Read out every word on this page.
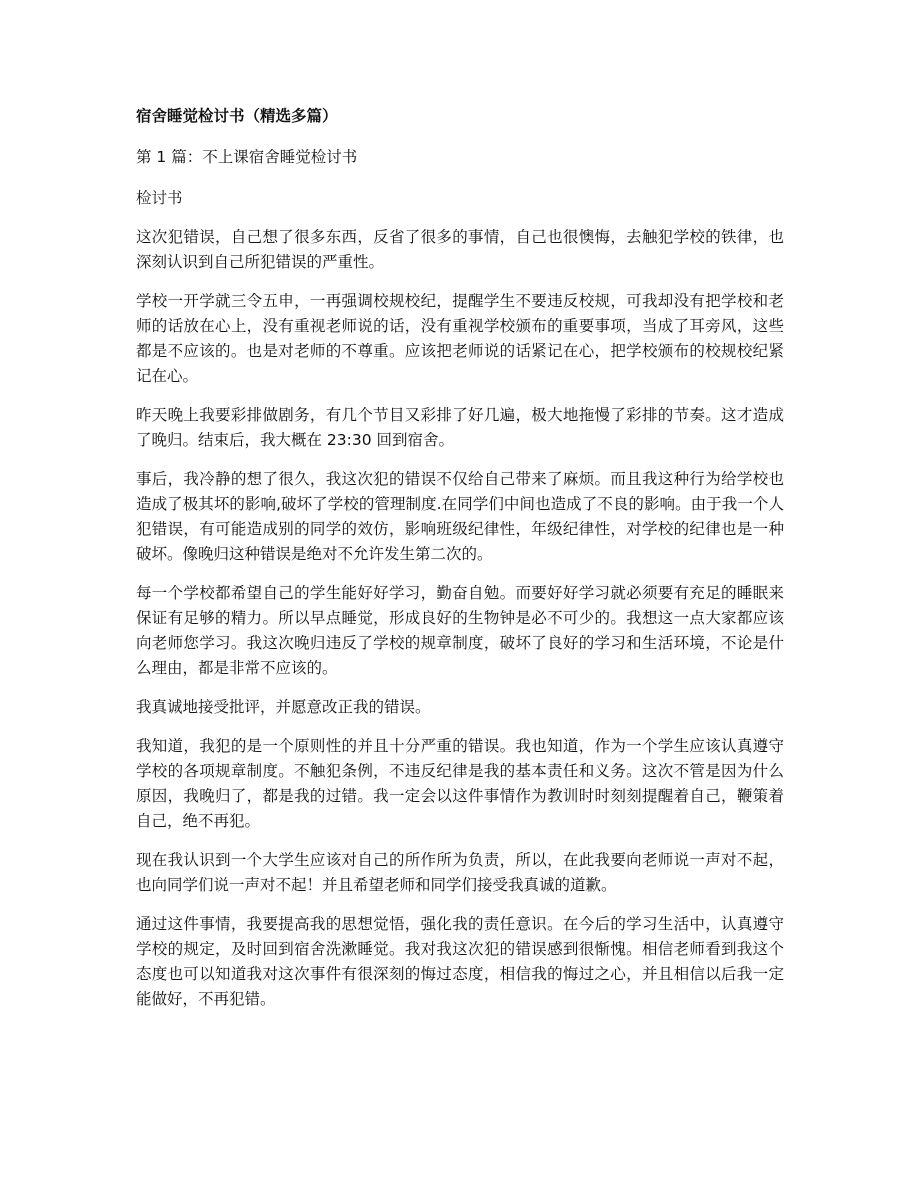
宿舍睡觉检讨书（精选多篇）

第 1 篇：不上课宿舍睡觉检讨书

检讨书

这次犯错误，自己想了很多东西，反省了很多的事情，自己也很懊悔，去触犯学校的铁律，也深刻认识到自己所犯错误的严重性。

学校一开学就三令五申，一再强调校规校纪，提醒学生不要违反校规，可我却没有把学校和老师的话放在心上，没有重视老师说的话，没有重视学校颁布的重要事项，当成了耳旁风，这些都是不应该的。也是对老师的不尊重。应该把老师说的话紧记在心，把学校颁布的校规校纪紧记在心。

昨天晚上我要彩排做剧务，有几个节目又彩排了好几遍，极大地拖慢了彩排的节奏。这才造成了晚归。结束后，我大概在 23:30 回到宿舍。

事后，我冷静的想了很久，我这次犯的错误不仅给自己带来了麻烦。而且我这种行为给学校也造成了极其坏的影响,破坏了学校的管理制度.在同学们中间也造成了不良的影响。由于我一个人犯错误，有可能造成别的同学的效仿，影响班级纪律性，年级纪律性，对学校的纪律也是一种破坏。像晚归这种错误是绝对不允许发生第二次的。

每一个学校都希望自己的学生能好好学习，勤奋自勉。而要好好学习就必须要有充足的睡眠来保证有足够的精力。所以早点睡觉，形成良好的生物钟是必不可少的。我想这一点大家都应该向老师您学习。我这次晚归违反了学校的规章制度，破坏了良好的学习和生活环境，不论是什么理由，都是非常不应该的。

我真诚地接受批评，并愿意改正我的错误。

我知道，我犯的是一个原则性的并且十分严重的错误。我也知道，作为一个学生应该认真遵守学校的各项规章制度。不触犯条例，不违反纪律是我的基本责任和义务。这次不管是因为什么原因，我晚归了，都是我的过错。我一定会以这件事情作为教训时时刻刻提醒着自己，鞭策着自己，绝不再犯。

现在我认识到一个大学生应该对自己的所作所为负责，所以，在此我要向老师说一声对不起，也向同学们说一声对不起！并且希望老师和同学们接受我真诚的道歉。

通过这件事情，我要提高我的思想觉悟，强化我的责任意识。在今后的学习生活中，认真遵守学校的规定，及时回到宿舍洗漱睡觉。我对我这次犯的错误感到很惭愧。相信老师看到我这个态度也可以知道我对这次事件有很深刻的悔过态度，相信我的悔过之心，并且相信以后我一定能做好，不再犯错。
